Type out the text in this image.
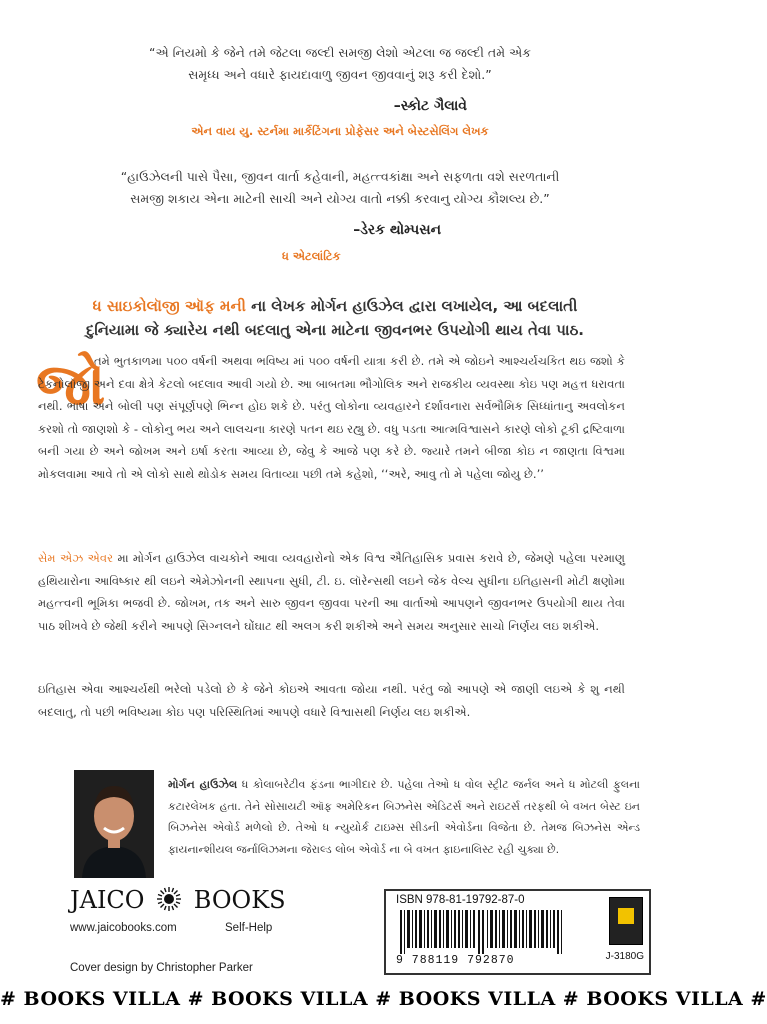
“એ નિયમો કે જેને તમે જેટલા જલ્દી સમજી લેશો એટલા જ જલ્દી તમે એક
સમૃધ્ધ અને વધારે ફાયદાવાળુ જીવન જીવવાનું શરૂ કરી દેશો.”
–સ્કોટ ગૈલાવે
એન વાય યુ. સ્ટર્નમા માર્કેટિંગના પ્રોફેસર અને બેસ્ટસેલિંગ લેખક
“હાઉઝેલની પાસે પૈસા, જીવન વાર્તા કહેવાની, મહત્ત્વકાંક્ષા અને સફળતા વશે સરળતાની
સમજી શકાય એના માટેની સાચી અને યોગ્ય વાતો નક્કી કરવાનુ યોગ્ય કૌશલ્ય છે.”
–ડેરક થોમ્પસન
ધ એટલાંટિક
ધ સાઇકોલૉજી ઑફ મની ના લેખક મોર્ગન હાઉઝેલ દ્વારા લખાયેલ, આ બદલાતી
દુનિયામા જે ક્યારેય નથી બદલાતુ એના માટેના જીવનભર ઉપયોગી થાય તેવા પાઠ.
જો
તમે ભુતકાળમા ૫૦૦ વર્ષની અથવા ભવિષ્ય માં ૫૦૦ વર્ષની યાત્રા કરી છે. તમે એ જોઇને આશ્ચર્યચકિત થઇ જશો કે ટેકનોલૉજી અને દવા ક્ષેત્રે કેટલો બદલાવ આવી ગયો છે. આ બાબતમા ભૌગોલિક અને રાજકીય વ્યવસ્થા કોઇ પણ મહત્ત ધરાવતા નથી. ભાષા અને બોલી પણ સંપૂર્ણપણે ભિન્ન હોઇ શકે છે. પરંતુ લોકોના વ્યવહારને દર્શાવનારા સર્વભૌમિક સિધ્ધાંતાનુ અવલોકન કરશો તો જાણશો કે - લોકોનુ ભય અને લાલચના કારણે પતન થઇ રહ્યુ છે. વધુ પડતા આત્મવિશ્વાસને કારણે લોકો ટૂકી દ્રષ્ટિવાળા બની ગયા છે અને જોખમ અને ઇર્ષા કરતા આવ્યા છે, જેવુ કે આજે પણ કરે છે. જ્યારે તમને બીજા કોઇ ન જાણતા વિશ્વમા મોકલવામા આવે તો એ લોકો સાથે થોડોક સમય વિતાવ્યા પછી તમે કહેશો, ‘‘અરે, આવુ તો મે પહેલા જોયુ છે.’’
સેમ એઝ એવર મા મોર્ગન હાઉઝેલ વાચકોને આવા વ્યવહારોનો એક વિશ્વ ઐતિહાસિક પ્રવાસ કરાવે છે, જેમણે પહેલા પરમાણુ હથિયારોના આવિષ્કાર થી લઇને એમેઝોનની સ્થાપના સુધી, ટી. ઇ. લૉરેન્સથી લઇને જેક વેલ્ચ સુધીના ઇતિહાસની મોટી ક્ષણોમા મહત્ત્વની ભૂમિકા ભજવી છે. જોખમ, તક અને સારુ જીવન જીવવા પરની આ વાર્તાઓ આપણને જીવનભર ઉપયોગી થાય તેવા પાઠ શીખવે છે જેથી કરીને આપણે સિગ્નલને ઘોંઘાટ થી અલગ કરી શકીએ અને સમય અનુસાર સાચો નિર્ણય લઇ શકીએ.
ઇતિહાસ એવા આશ્ચર્યથી ભરેલો પડેલો છે કે જેને કોઇએ આવતા જોયા નથી. પરંતુ જો આપણે એ જાણી લઇએ કે શુ નથી બદલાતુ, તો પછી ભવિષ્યમા કોઇ પણ પરિસ્થિતિમાં આપણે વધારે વિશ્વાસથી નિર્ણય લઇ શકીએ.
મોર્ગન હાઉઝેલ ધ કોલાબરેટીવ ફંડના ભાગીદાર છે. પહેલા તેઓ ધ વોલ સ્ટ્રીટ જર્નલ અને ધ મોટલી ફુલના કટારલેખક હતા. તેને સોસાયટી ઑફ અમેરિકન બિઝનેસ એડિટર્સ અને રાઇટર્સ તરફથી બે વખત બેસ્ટ ઇન બિઝનેસ એવોર્ડ મળેલો છે. તેઓ ધ ન્યુયોર્ક ટાઇમ્સ સીડની એવોર્ડના વિજેતા છે. તેમજ બિઝનેસ એન્ડ ફાયનાન્શીયલ જર્નાલિઝમના જેરાલ્ડ લોબ એવોર્ડ ના બે વખત ફાઇનાલિસ્ટ રહી ચુક્યા છે.
JAICO BOOKS
www.jaicobooks.com	Self-Help
Cover design by Christopher Parker
ISBN 978-81-19792-87-0
9 788119 792870	J-3180G
# BOOKS VILLA # BOOKS VILLA # BOOKS VILLA # BOOKS VILLA #
